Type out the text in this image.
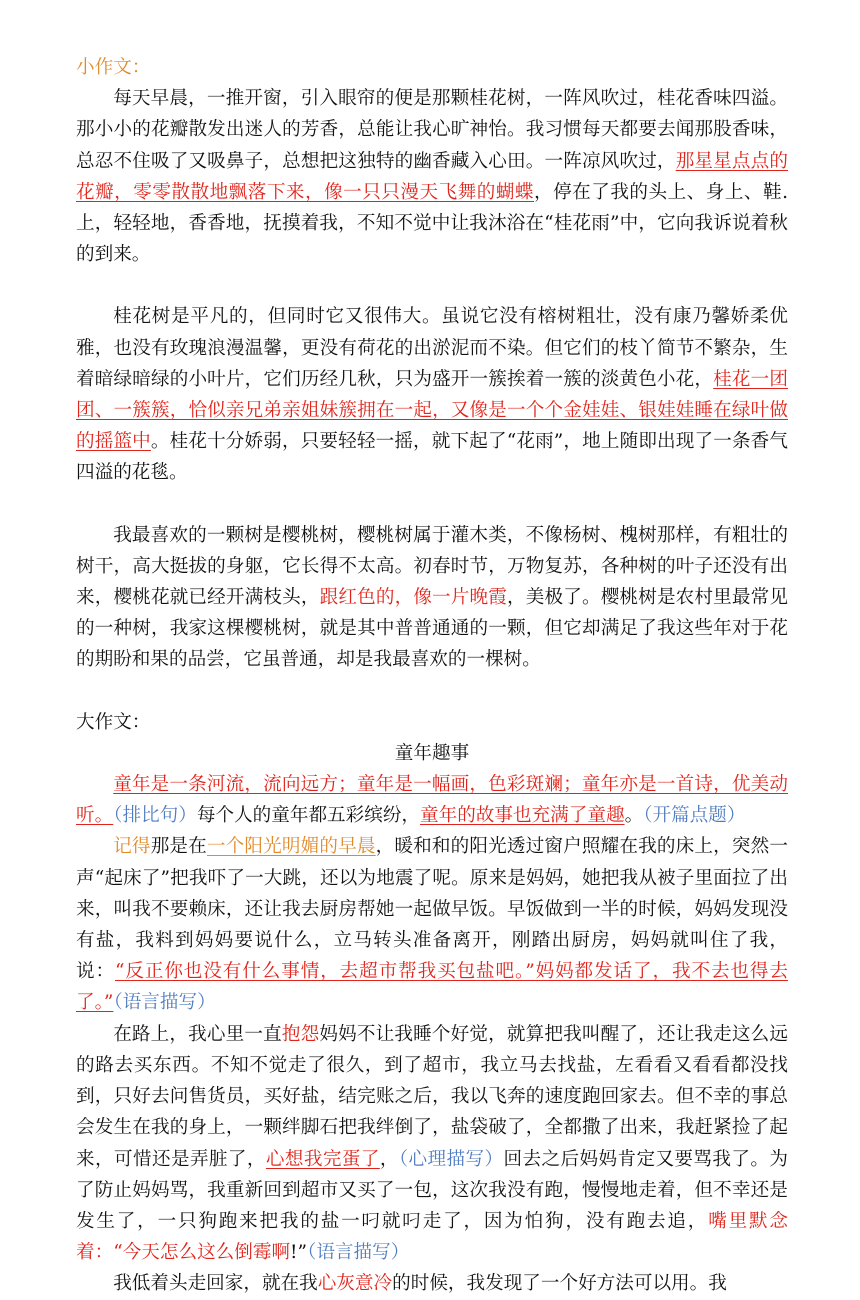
小作文：

每天早晨，一推开窗，引入眼帘的便是那颗桂花树，一阵风吹过，桂花香味四溢。那小小的花瓣散发出迷人的芳香，总能让我心旷神怡。我习惯每天都要去闻那股香味，总忍不住吸了又吸鼻子，总想把这独特的幽香藏入心田。一阵凉风吹过，那星星点点的花瓣，零零散散地飘落下来，像一只只漫天飞舞的蝴蝶，停在了我的头上、身上、鞋.上，轻轻地，香香地，抚摸着我，不知不觉中让我沐浴在“桂花雨”中，它向我诉说着秋的到来。

桂花树是平凡的，但同时它又很伟大。虽说它没有榕树粗壮，没有康乃馨娇柔优雅，也没有玫瑰浪漫温馨，更没有荷花的出淤泥而不染。但它们的枝丫简节不繁杂，生着暗绿暗绿的小叶片，它们历经几秋，只为盛开一簇挨着一簇的淡黄色小花，桂花一团团、一簇簇，恰似亲兄弟亲姐妹簇拥在一起，又像是一个个金娃娃、银娃娃睡在绿叶做的摇篮中。桂花十分娇弱，只要轻轻一摇，就下起了“花雨”，地上随即出现了一条香气四溢的花毯。

我最喜欢的一颗树是樱桃树，樱桃树属于灌木类，不像杨树、槐树那样，有粗壮的树干，高大挺拔的身躯，它长得不太高。初春时节，万物复苏，各种树的叶子还没有出来，樱桃花就已经开满枝头，跟红色的，像一片晚霞，美极了。樱桃树是农村里最常见的一种树，我家这棵樱桃树，就是其中普普通通的一颗，但它却满足了我这些年对于花的期盼和果的品尝，它虽普通，却是我最喜欢的一棵树。

大作文：

童年趣事

童年是一条河流，流向远方；童年是一幅画，色彩斑斓；童年亦是一首诗，优美动听。（排比句）每个人的童年都五彩缤纷，童年的故事也充满了童趣。（开篇点题）

记得那是在一个阳光明媚的早晨，暖和和的阳光透过窗户照耀在我的床上，突然一声“起床了”把我吓了一大跳，还以为地震了呢。原来是妈妈，她把我从被子里面拉了出来，叫我不要赖床，还让我去厨房帮她一起做早饭。早饭做到一半的时候，妈妈发现没有盐，我料到妈妈要说什么，立马转头准备离开，刚踏出厨房，妈妈就叫住了我，说：“反正你也没有什么事情，去超市帮我买包盐吧。”妈妈都发话了，我不去也得去了。”（语言描写）

在路上，我心里一直抱怨妈妈不让我睡个好觉，就算把我叫醒了，还让我走这么远的路去买东西。不知不觉走了很久，到了超市，我立马去找盐，左看看又看看都没找到，只好去问售货员，买好盐，结完账之后，我以飞奔的速度跑回家去。但不幸的事总会发生在我的身上，一颗绊脚石把我绊倒了，盐袋破了，全都撒了出来，我赶紧捡了起来，可惜还是弄脏了，心想我完蛋了，（心理描写）回去之后妈妈肯定又要骂我了。为了防止妈妈骂，我重新回到超市又买了一包，这次我没有跑，慢慢地走着，但不幸还是发生了，一只狗跑来把我的盐一叼就叼走了，因为怕狗，没有跑去追，嘴里默念着：“今天怎么这么倒霉啊!”（语言描写）

我低着头走回家，就在我心灰意冷的时候，我发现了一个好方法可以用。我
